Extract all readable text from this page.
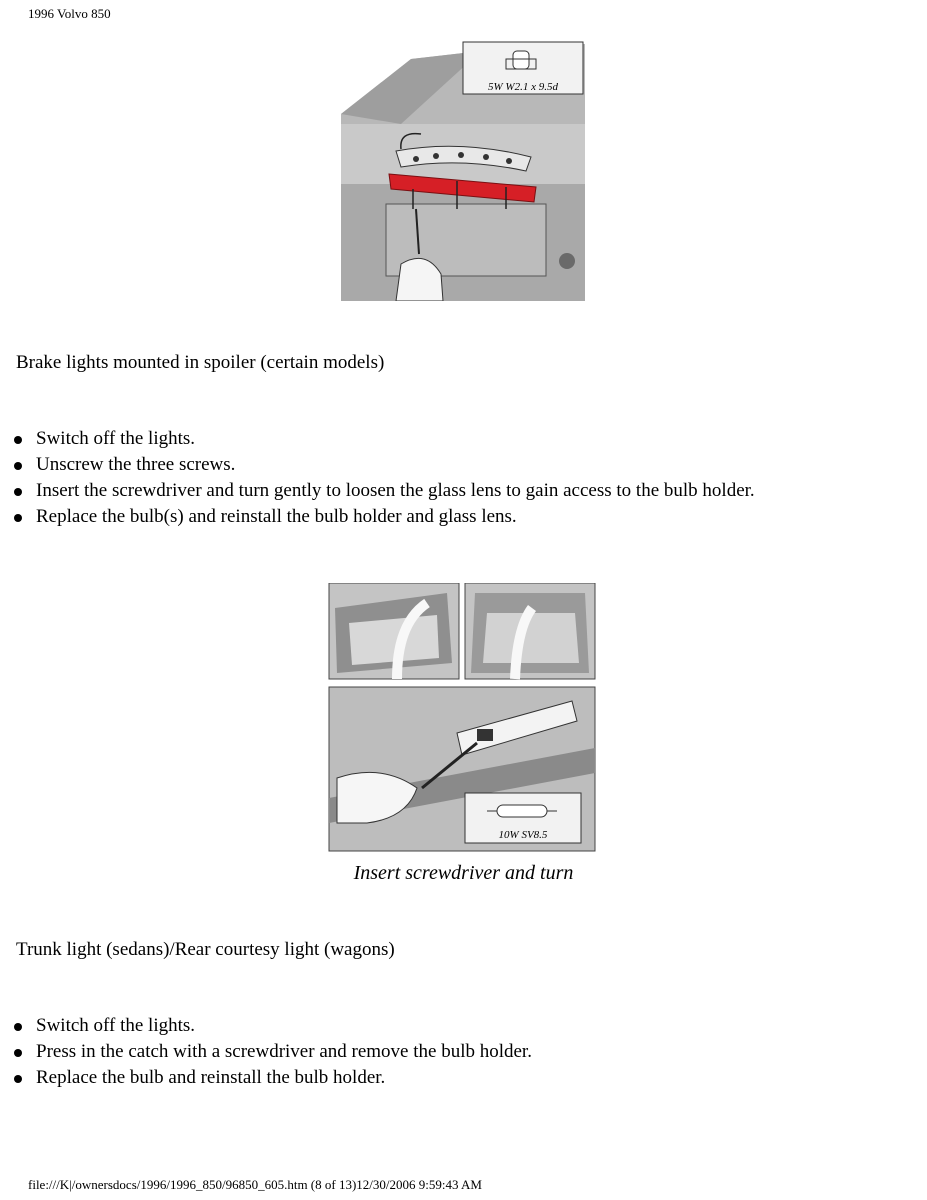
1996 Volvo 850
5W W2.1 x 9.5d
Brake lights mounted in spoiler (certain models)
Switch off the lights.
Unscrew the three screws.
Insert the screwdriver and turn gently to loosen the glass lens to gain access to the bulb holder.
Replace the bulb(s) and reinstall the bulb holder and glass lens.
10W SV8.5
Insert screwdriver and turn
Trunk light (sedans)/Rear courtesy light (wagons)
Switch off the lights.
Press in the catch with a screwdriver and remove the bulb holder.
Replace the bulb and reinstall the bulb holder.
file:///K|/ownersdocs/1996/1996_850/96850_605.htm (8 of 13)12/30/2006 9:59:43 AM
